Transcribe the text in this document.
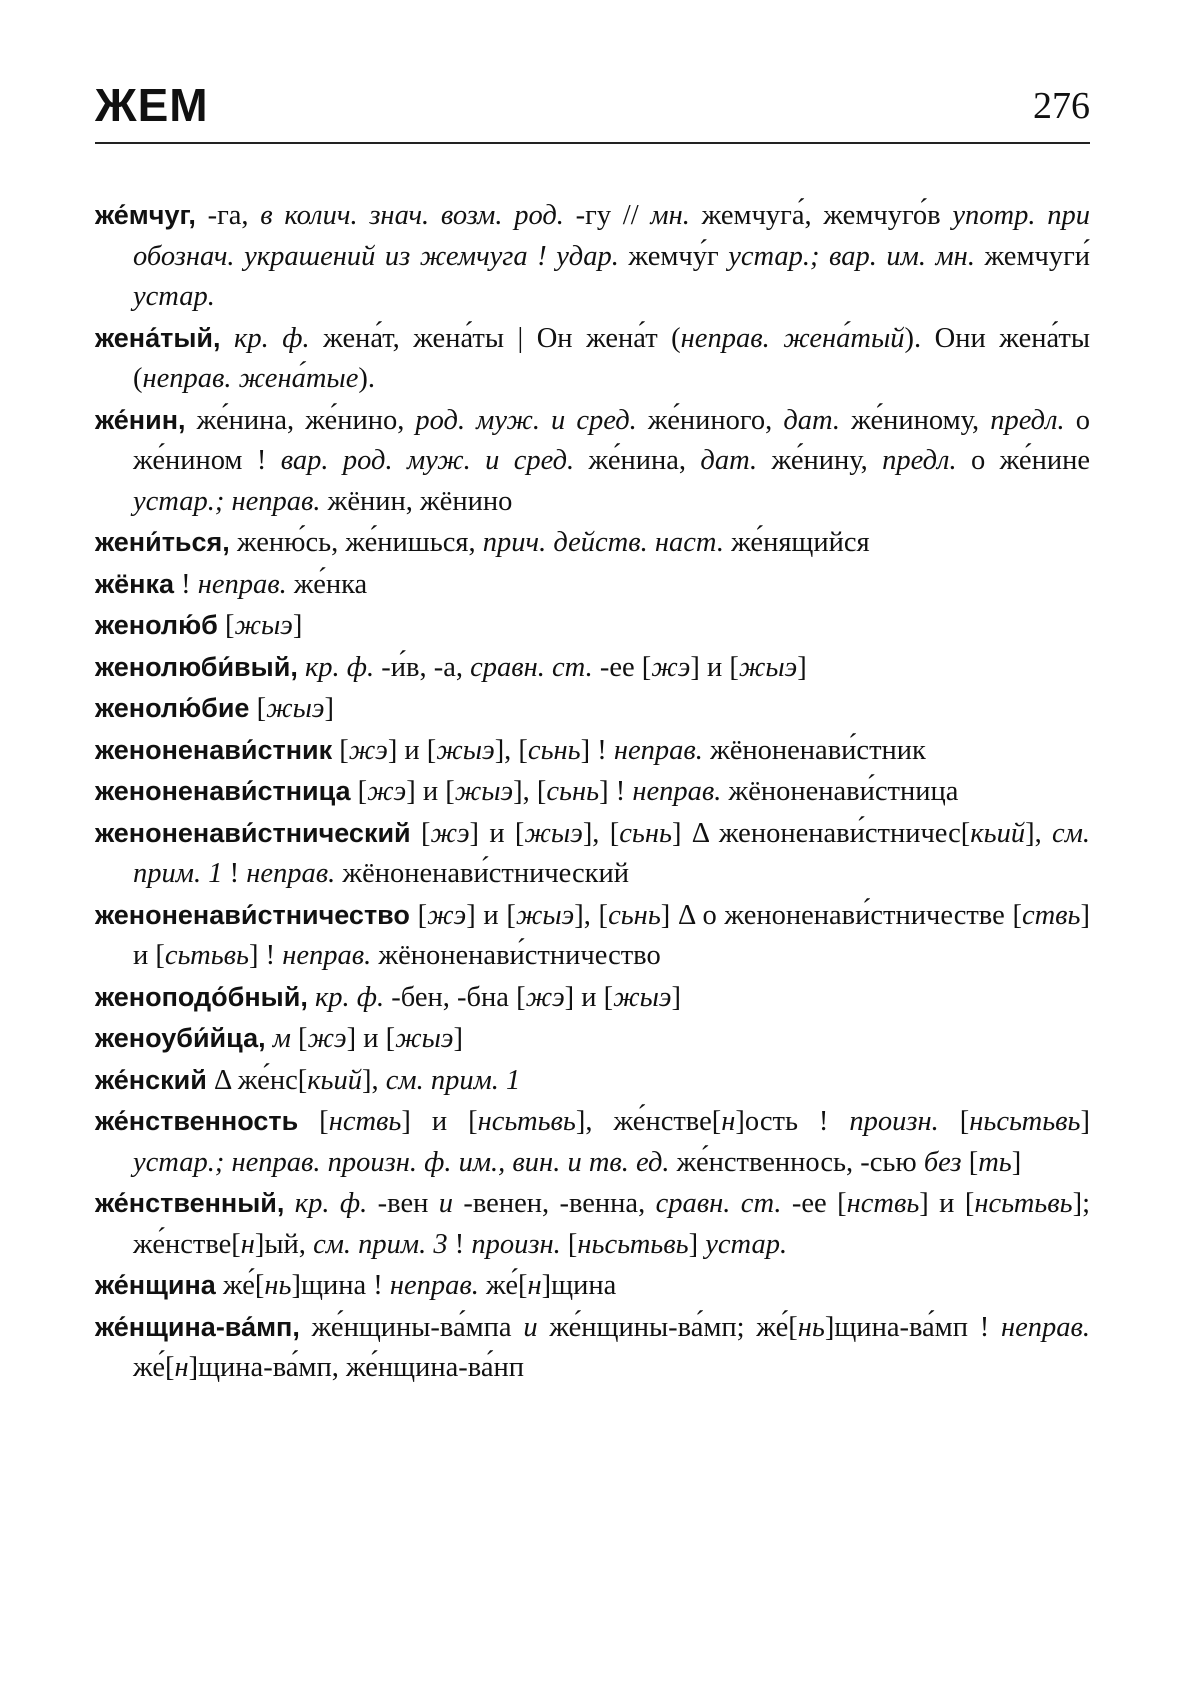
ЖЕМ	276

же́мчуг, -га, в колич. знач. возм. род. -гу // мн. жемчуга́, жемчуго́в употр. при обознач. украшений из жемчуга ! удар. жемчу́г устар.; вар. им. мн. жемчуги́ устар.

жена́тый, кр. ф. жена́т, жена́ты | Он жена́т (неправ. жена́тый). Они жена́ты (неправ. жена́тые).

же́нин, же́нина, же́нино, род. муж. и сред. же́ниного, дат. же́ниному, предл. о же́нином ! вар. род. муж. и сред. же́нина, дат. же́нину, предл. о же́нине устар.; неправ. жёнин, жёнино

жени́ться, женю́сь, же́нишься, прич. действ. наст. же́нящийся

жёнка ! неправ. же́нка

женолю́б [жыэ]

женолюби́вый, кр. ф. -и́в, -а, сравн. ст. -ее [жэ] и [жыэ]

женолю́бие [жыэ]

женоненави́стник [жэ] и [жыэ], [сьнь] ! неправ. жёноненави́стник

женоненави́стница [жэ] и [жыэ], [сьнь] ! неправ. жёноненави́стница

женоненави́стнический [жэ] и [жыэ], [сьнь] Δ женоненави́стничес[кьий], см. прим. 1 ! неправ. жёноненави́стнический

женоненави́стничество [жэ] и [жыэ], [сьнь] Δ о женоненави́стничестве [ствь] и [сьтьвь] ! неправ. жёноненави́стничество

женоподо́бный, кр. ф. -бен, -бна [жэ] и [жыэ]

женоуби́йца, м [жэ] и [жыэ]

же́нский Δ же́нс[кьий], см. прим. 1

же́нственность [нствь] и [нсьтьвь], же́нстве[н]ость ! произн. [ньсьтьвь] устар.; неправ. произн. ф. им., вин. и тв. ед. же́нственнось, -сью без [ть]

же́нственный, кр. ф. -вен и -венен, -венна, сравн. ст. -ее [нствь] и [нсьтьвь]; же́нстве[н]ый, см. прим. 3 ! произн. [ньсьтьвь] устар.

же́нщина же́[нь]щина ! неправ. же́[н]щина

же́нщина-ва́мп, же́нщины-ва́мпа и же́нщины-ва́мп; же́[нь]щина-ва́мп ! неправ. же́[н]щина-ва́мп, же́нщина-ва́нп
